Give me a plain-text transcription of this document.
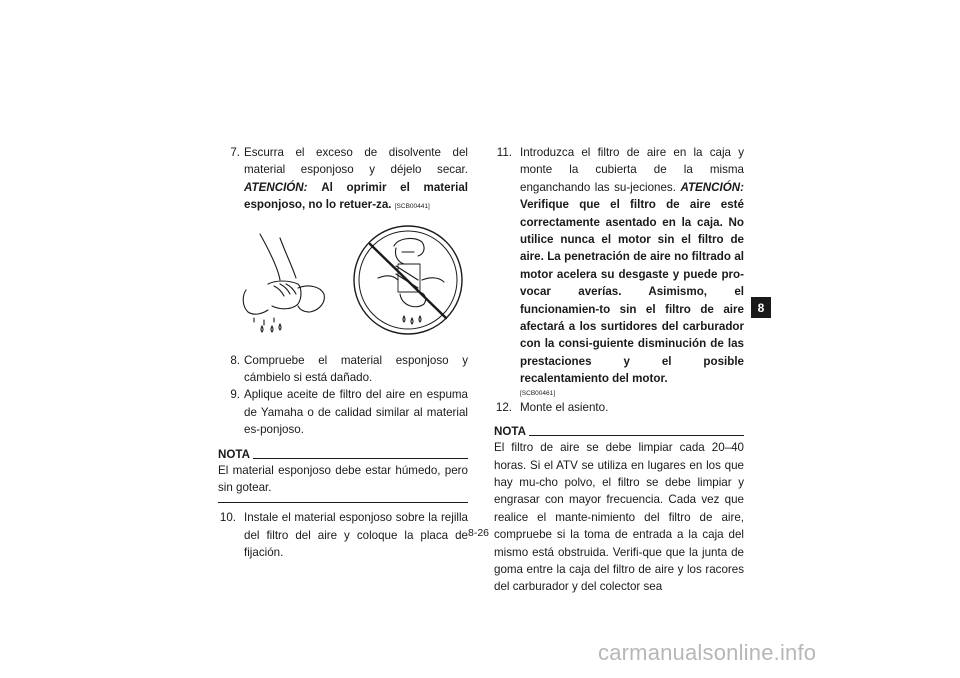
7. Escurra el exceso de disolvente del material esponjoso y déjelo secar. ATENCIÓN: Al oprimir el material esponjoso, no lo retuer-za. [SCB00441]
8. Compruebe el material esponjoso y cámbielo si está dañado.
9. Aplique aceite de filtro del aire en espuma de Yamaha o de calidad similar al material es-ponjoso.
NOTA
El material esponjoso debe estar húmedo, pero sin gotear.
10. Instale el material esponjoso sobre la rejilla del filtro del aire y coloque la placa de fijación.
11. Introduzca el filtro de aire en la caja y monte la cubierta de la misma enganchando las su-jeciones. ATENCIÓN: Verifique que el filtro de aire esté correctamente asentado en la caja. No utilice nunca el motor sin el filtro de aire. La penetración de aire no filtrado al motor acelera su desgaste y puede pro-vocar averías. Asimismo, el funcionamien-to sin el filtro de aire afectará a los surtidores del carburador con la consi-guiente disminución de las prestaciones y el posible recalentamiento del motor.
[SCB00461]
12. Monte el asiento.
NOTA
El filtro de aire se debe limpiar cada 20–40 horas. Si el ATV se utiliza en lugares en los que hay mu-cho polvo, el filtro se debe limpiar y engrasar con mayor frecuencia. Cada vez que realice el mante-nimiento del filtro de aire, compruebe si la toma de entrada a la caja del mismo está obstruida. Verifi-que que la junta de goma entre la caja del filtro de aire y los racores del carburador y del colector sea
8-26
8
carmanualsonline.info
